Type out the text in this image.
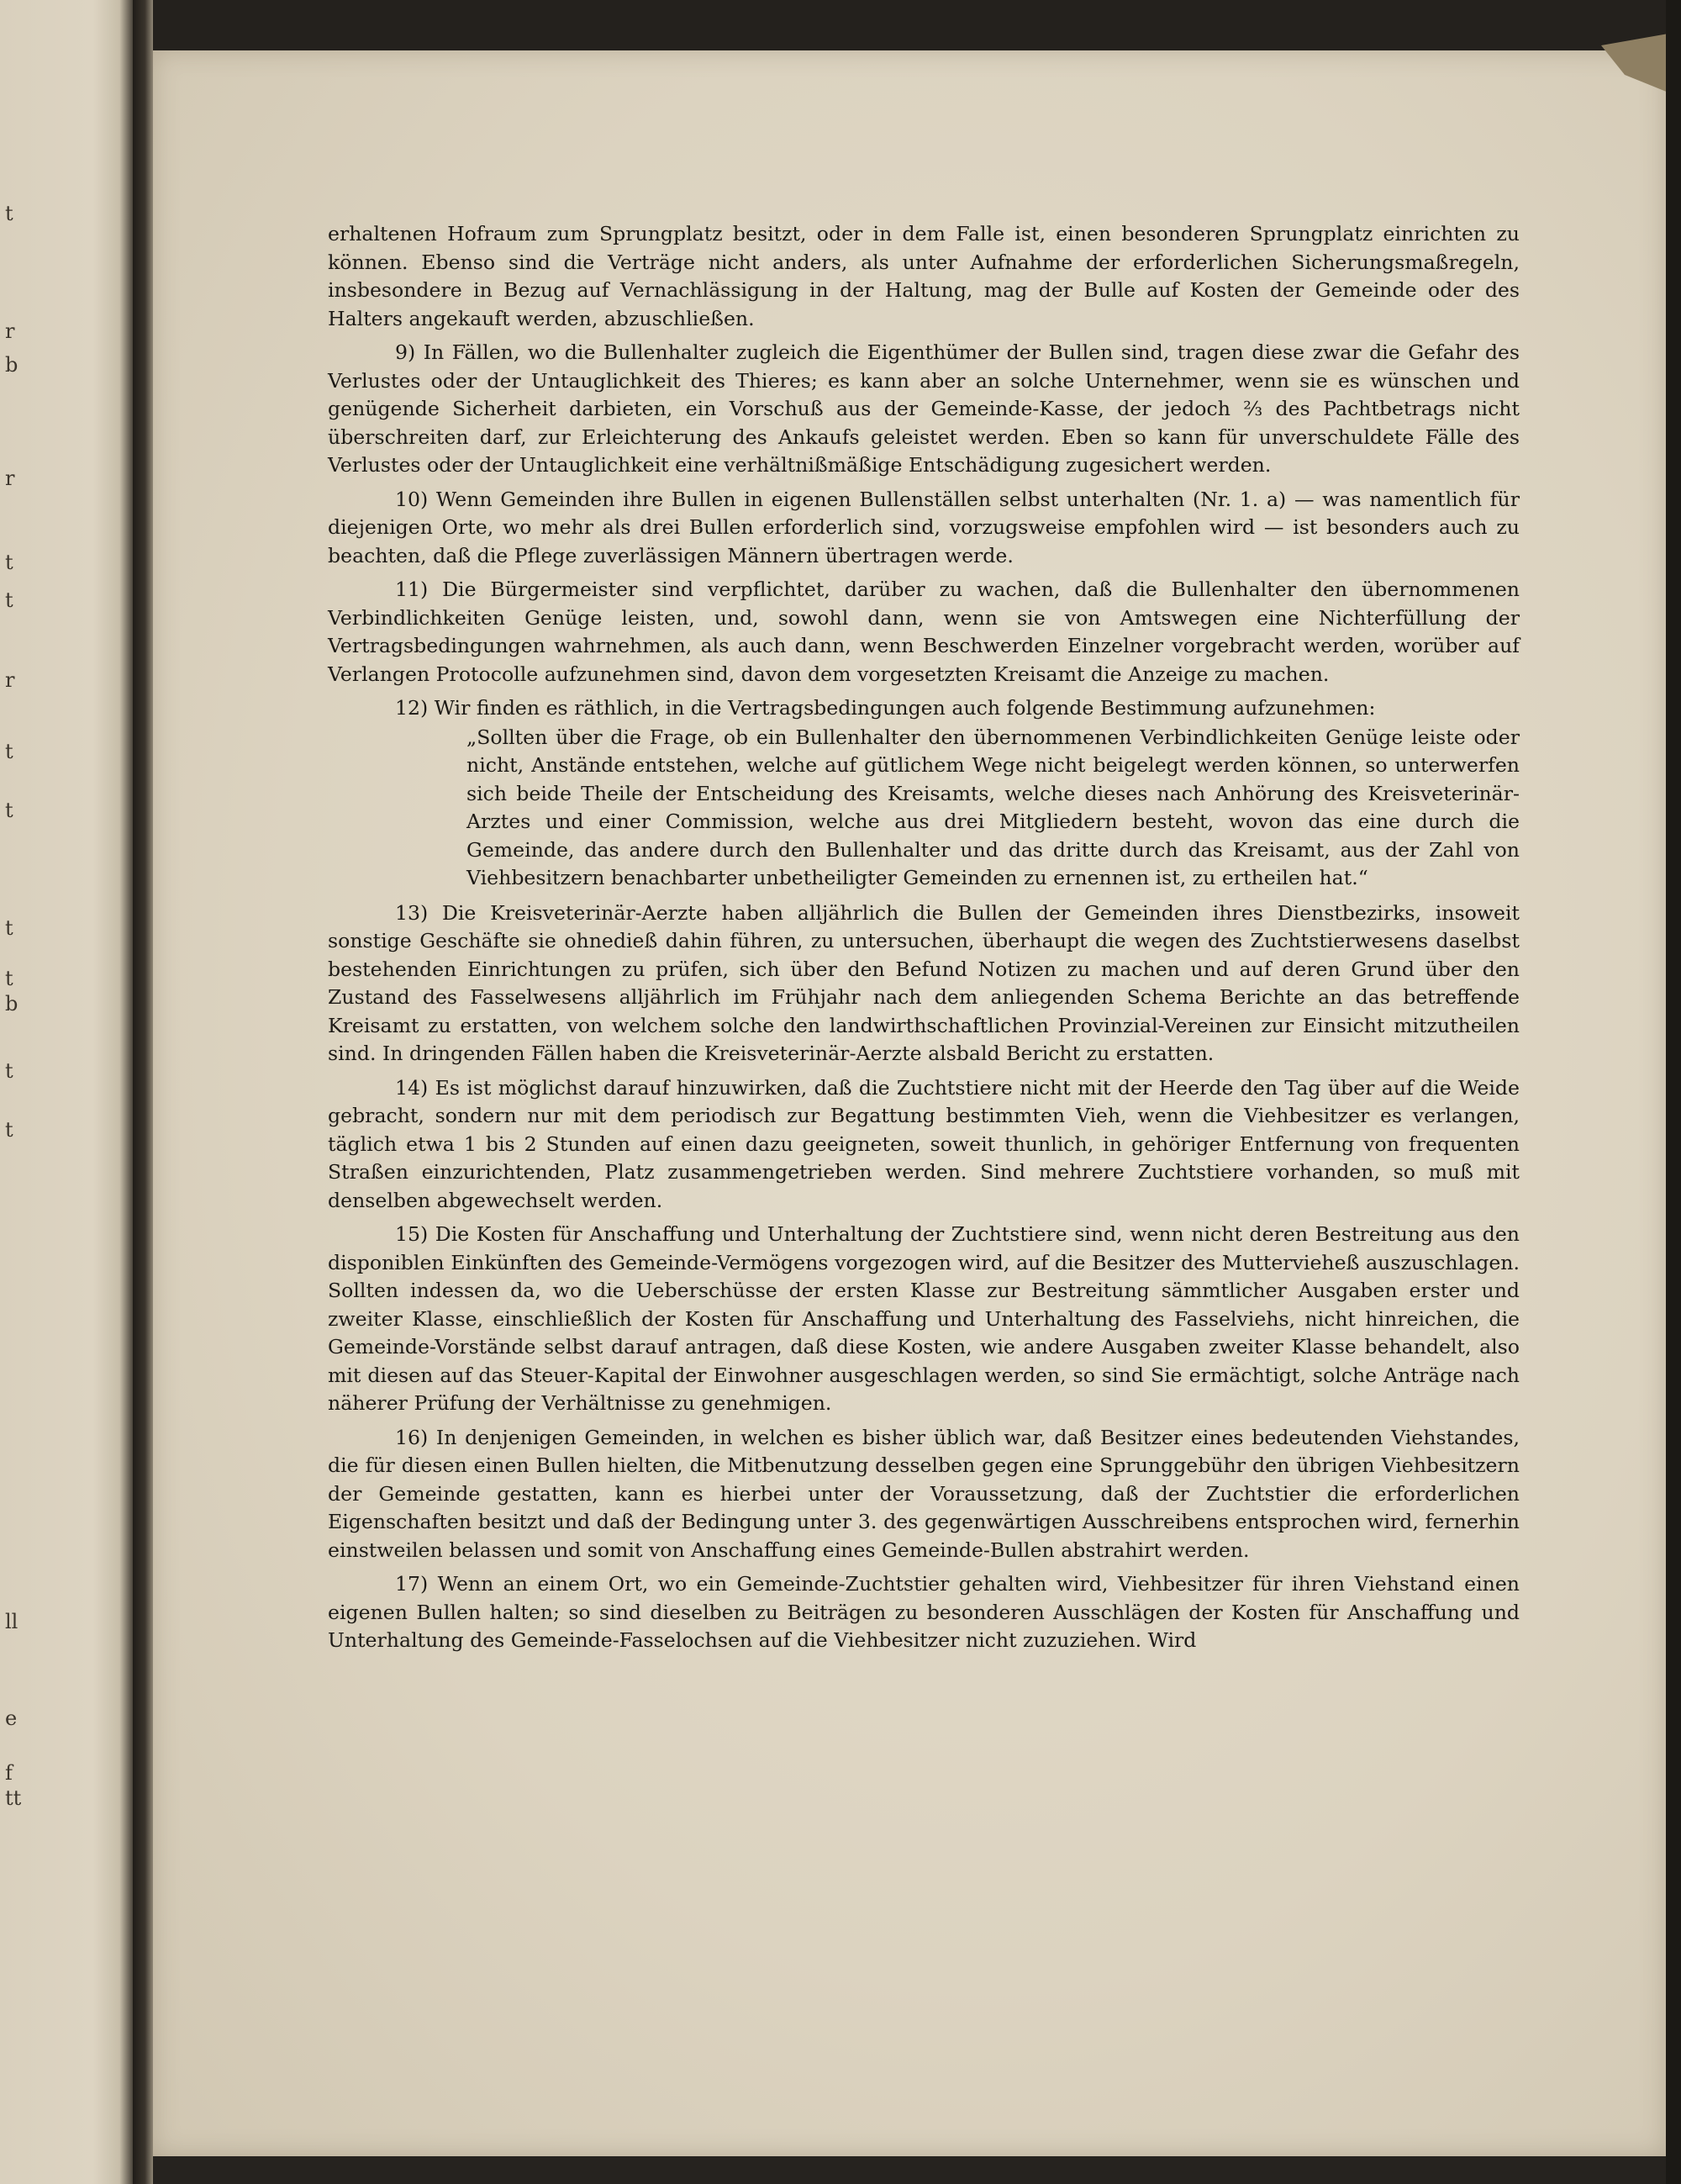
t
r
b
r
t
t
r
t
t
t
t
b
t
t
ll
e
f
tt

erhaltenen Hofraum zum Sprungplatz besitzt, oder in dem Falle ist, einen besonderen Sprungplatz einrichten zu können. Ebenso sind die Verträge nicht anders, als unter Aufnahme der erforderlichen Sicherungsmaßregeln, insbesondere in Bezug auf Vernachlässigung in der Haltung, mag der Bulle auf Kosten der Gemeinde oder des Halters angekauft werden, abzuschließen.

9) In Fällen, wo die Bullenhalter zugleich die Eigenthümer der Bullen sind, tragen diese zwar die Gefahr des Verlustes oder der Untauglichkeit des Thieres; es kann aber an solche Unternehmer, wenn sie es wünschen und genügende Sicherheit darbieten, ein Vorschuß aus der Gemeinde-Kasse, der jedoch ⅔ des Pachtbetrags nicht überschreiten darf, zur Erleichterung des Ankaufs geleistet werden. Eben so kann für unverschuldete Fälle des Verlustes oder der Untauglichkeit eine verhältnißmäßige Entschädigung zugesichert werden.

10) Wenn Gemeinden ihre Bullen in eigenen Bullenställen selbst unterhalten (Nr. 1. a) — was namentlich für diejenigen Orte, wo mehr als drei Bullen erforderlich sind, vorzugsweise empfohlen wird — ist besonders auch zu beachten, daß die Pflege zuverlässigen Männern übertragen werde.

11) Die Bürgermeister sind verpflichtet, darüber zu wachen, daß die Bullenhalter den übernommenen Verbindlichkeiten Genüge leisten, und, sowohl dann, wenn sie von Amtswegen eine Nichterfüllung der Vertragsbedingungen wahrnehmen, als auch dann, wenn Beschwerden Einzelner vorgebracht werden, worüber auf Verlangen Protocolle aufzunehmen sind, davon dem vorgesetzten Kreisamt die Anzeige zu machen.

12) Wir finden es räthlich, in die Vertragsbedingungen auch folgende Bestimmung aufzunehmen:

„Sollten über die Frage, ob ein Bullenhalter den übernommenen Verbindlichkeiten Genüge leiste oder nicht, Anstände entstehen, welche auf gütlichem Wege nicht beigelegt werden können, so unterwerfen sich beide Theile der Entscheidung des Kreisamts, welche dieses nach Anhörung des Kreisveterinär-Arztes und einer Commission, welche aus drei Mitgliedern besteht, wovon das eine durch die Gemeinde, das andere durch den Bullenhalter und das dritte durch das Kreisamt, aus der Zahl von Viehbesitzern benachbarter unbetheiligter Gemeinden zu ernennen ist, zu ertheilen hat.“

13) Die Kreisveterinär-Aerzte haben alljährlich die Bullen der Gemeinden ihres Dienstbezirks, insoweit sonstige Geschäfte sie ohnedieß dahin führen, zu untersuchen, überhaupt die wegen des Zuchtstierwesens daselbst bestehenden Einrichtungen zu prüfen, sich über den Befund Notizen zu machen und auf deren Grund über den Zustand des Fasselwesens alljährlich im Frühjahr nach dem anliegenden Schema Berichte an das betreffende Kreisamt zu erstatten, von welchem solche den landwirthschaftlichen Provinzial-Vereinen zur Einsicht mitzutheilen sind. In dringenden Fällen haben die Kreisveterinär-Aerzte alsbald Bericht zu erstatten.

14) Es ist möglichst darauf hinzuwirken, daß die Zuchtstiere nicht mit der Heerde den Tag über auf die Weide gebracht, sondern nur mit dem periodisch zur Begattung bestimmten Vieh, wenn die Viehbesitzer es verlangen, täglich etwa 1 bis 2 Stunden auf einen dazu geeigneten, soweit thunlich, in gehöriger Entfernung von frequenten Straßen einzurichtenden, Platz zusammengetrieben werden. Sind mehrere Zuchtstiere vorhanden, so muß mit denselben abgewechselt werden.

15) Die Kosten für Anschaffung und Unterhaltung der Zuchtstiere sind, wenn nicht deren Bestreitung aus den disponiblen Einkünften des Gemeinde-Vermögens vorgezogen wird, auf die Besitzer des Muttervieheß auszuschlagen. Sollten indessen da, wo die Ueberschüsse der ersten Klasse zur Bestreitung sämmtlicher Ausgaben erster und zweiter Klasse, einschließlich der Kosten für Anschaffung und Unterhaltung des Fasselviehs, nicht hinreichen, die Gemeinde-Vorstände selbst darauf antragen, daß diese Kosten, wie andere Ausgaben zweiter Klasse behandelt, also mit diesen auf das Steuer-Kapital der Einwohner ausgeschlagen werden, so sind Sie ermächtigt, solche Anträge nach näherer Prüfung der Verhältnisse zu genehmigen.

16) In denjenigen Gemeinden, in welchen es bisher üblich war, daß Besitzer eines bedeutenden Viehstandes, die für diesen einen Bullen hielten, die Mitbenutzung desselben gegen eine Sprunggebühr den übrigen Viehbesitzern der Gemeinde gestatten, kann es hierbei unter der Voraussetzung, daß der Zuchtstier die erforderlichen Eigenschaften besitzt und daß der Bedingung unter 3. des gegenwärtigen Ausschreibens entsprochen wird, fernerhin einstweilen belassen und somit von Anschaffung eines Gemeinde-Bullen abstrahirt werden.

17) Wenn an einem Ort, wo ein Gemeinde-Zuchtstier gehalten wird, Viehbesitzer für ihren Viehstand einen eigenen Bullen halten; so sind dieselben zu Beiträgen zu besonderen Ausschlägen der Kosten für Anschaffung und Unterhaltung des Gemeinde-Fasselochsen auf die Viehbesitzer nicht zuzuziehen. Wird
